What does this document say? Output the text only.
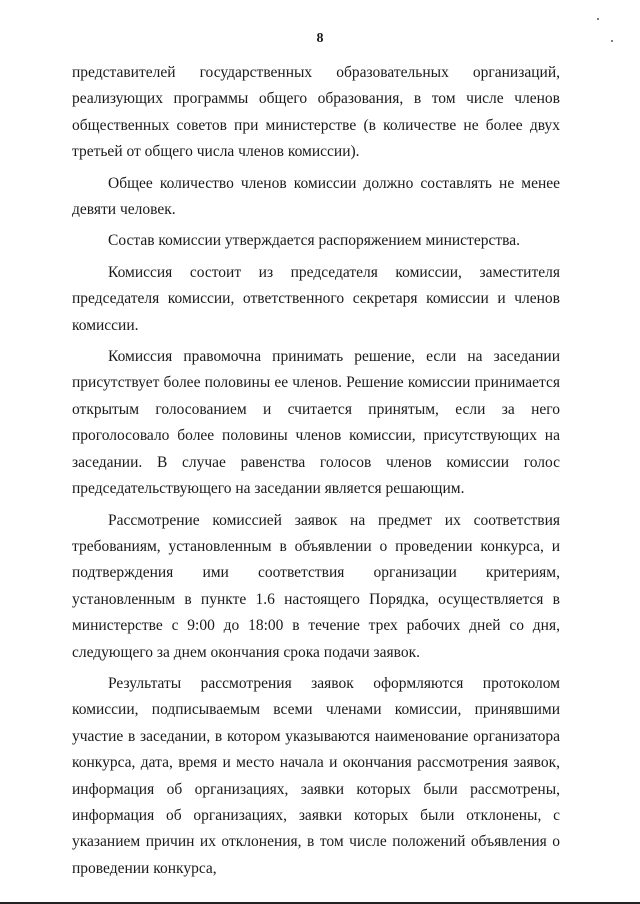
8

представителей государственных образовательных организаций, реализующих программы общего образования, в том числе членов общественных советов при министерстве (в количестве не более двух третьей от общего числа членов комиссии).

Общее количество членов комиссии должно составлять не менее девяти человек.

Состав комиссии утверждается распоряжением министерства.

Комиссия состоит из председателя комиссии, заместителя председателя комиссии, ответственного секретаря комиссии и членов комиссии.

Комиссия правомочна принимать решение, если на заседании присутствует более половины ее членов. Решение комиссии принимается открытым голосованием и считается принятым, если за него проголосовало более половины членов комиссии, присутствующих на заседании. В случае равенства голосов членов комиссии голос председательствующего на заседании является решающим.

Рассмотрение комиссией заявок на предмет их соответствия требованиям, установленным в объявлении о проведении конкурса, и подтверждения ими соответствия организации критериям, установленным в пункте 1.6 настоящего Порядка, осуществляется в министерстве с 9:00 до 18:00 в течение трех рабочих дней со дня, следующего за днем окончания срока подачи заявок.

Результаты рассмотрения заявок оформляются протоколом комиссии, подписываемым всеми членами комиссии, принявшими участие в заседании, в котором указываются наименование организатора конкурса, дата, время и место начала и окончания рассмотрения заявок, информация об организациях, заявки которых были рассмотрены, информация об организациях, заявки которых были отклонены, с указанием причин их отклонения, в том числе положений объявления о проведении конкурса,
